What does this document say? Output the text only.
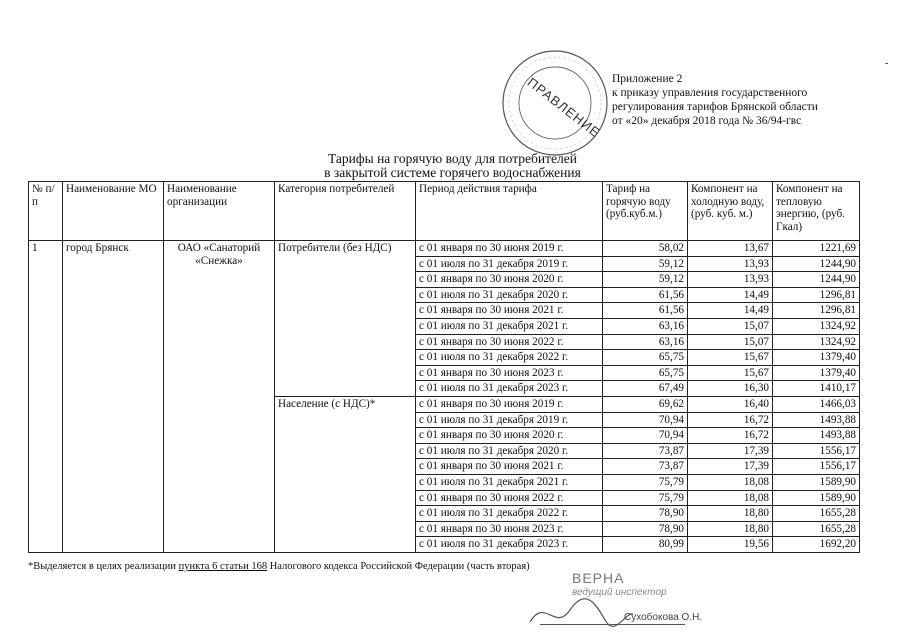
ПРАВЛЕНИЕ
-
Приложение 2
к приказу управления государственного
регулирования тарифов Брянской области
от «20» декабря 2018 года № 36/94-гвс
Тарифы на горячую воду для потребителей
в закрытой системе горячего водоснабжения
№ п/п	Наименование МО	Наименование организации	Категория потребителей	Период действия тарифа	Тариф на горячую воду (руб.куб.м.)	Компонент на холодную воду, (руб. куб. м.)	Компонент на тепловую энергию, (руб. Гкал)
1	город Брянск	ОАО «Санаторий «Снежка»	Потребители (без НДС)	с 01 января по 30 июня 2019 г.	58,02	13,67	1221,69
				с 01 июля по 31 декабря 2019 г.	59,12	13,93	1244,90
				с 01 января по 30 июня 2020 г.	59,12	13,93	1244,90
				с 01 июля по 31 декабря 2020 г.	61,56	14,49	1296,81
				с 01 января по 30 июня 2021 г.	61,56	14,49	1296,81
				с 01 июля по 31 декабря 2021 г.	63,16	15,07	1324,92
				с 01 января по 30 июня 2022 г.	63,16	15,07	1324,92
				с 01 июля по 31 декабря 2022 г.	65,75	15,67	1379,40
				с 01 января по 30 июня 2023 г.	65,75	15,67	1379,40
				с 01 июля по 31 декабря 2023 г.	67,49	16,30	1410,17
			Население (с НДС)*	с 01 января по 30 июня 2019 г.	69,62	16,40	1466,03
				с 01 июля по 31 декабря 2019 г.	70,94	16,72	1493,88
				с 01 января по 30 июня 2020 г.	70,94	16,72	1493,88
				с 01 июля по 31 декабря 2020 г.	73,87	17,39	1556,17
				с 01 января по 30 июня 2021 г.	73,87	17,39	1556,17
				с 01 июля по 31 декабря 2021 г.	75,79	18,08	1589,90
				с 01 января по 30 июня 2022 г.	75,79	18,08	1589,90
				с 01 июля по 31 декабря 2022 г.	78,90	18,80	1655,28
				с 01 января по 30 июня 2023 г.	78,90	18,80	1655,28
				с 01 июля по 31 декабря 2023 г.	80,99	19,56	1692,20
*Выделяется в целях реализации пункта 6 статьи 168 Налогового кодекса Российской Федерации (часть вторая)
ВЕРНА
ведущий инспектор
Сухобокова О.Н.
